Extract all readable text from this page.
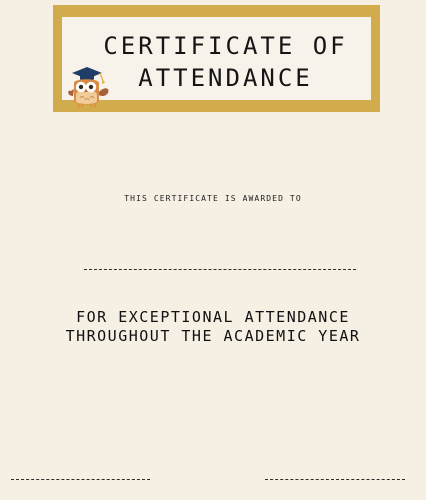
CERTIFICATE OF
ATTENDANCE
THIS CERTIFICATE IS AWARDED TO
FOR EXCEPTIONAL ATTENDANCE
THROUGHOUT THE ACADEMIC YEAR
